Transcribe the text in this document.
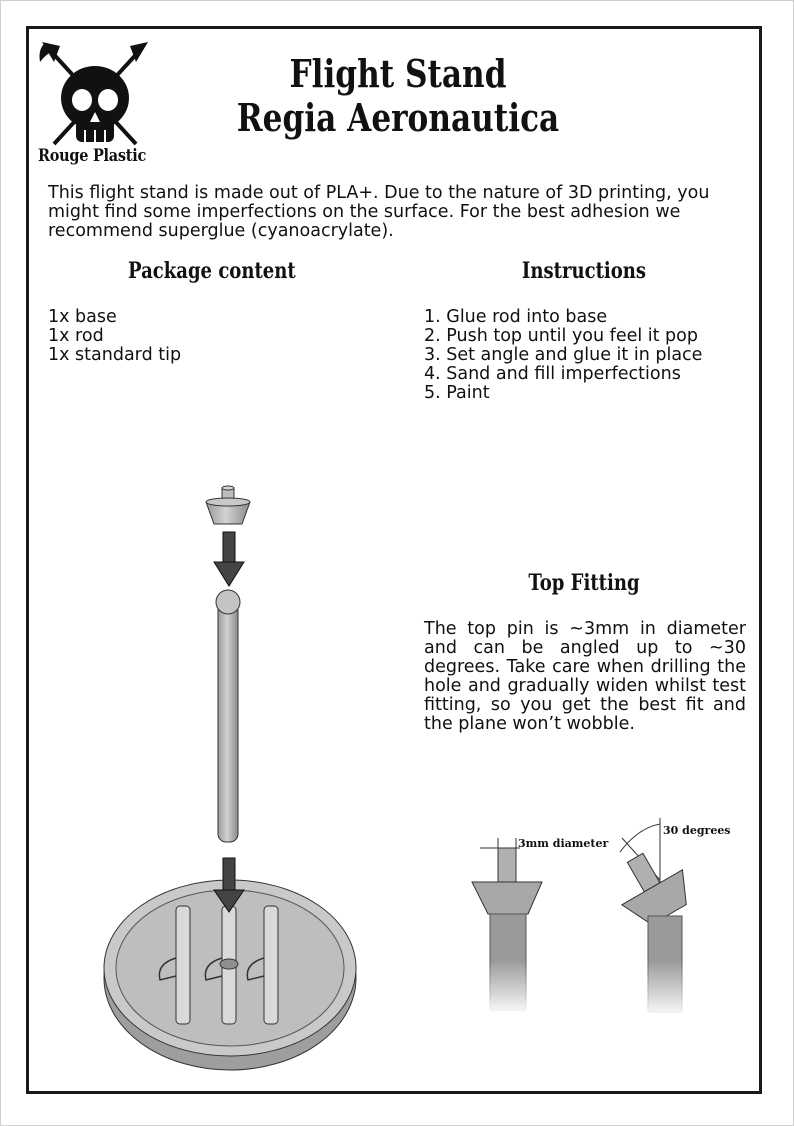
Rouge Plastic
Flight Stand
Regia Aeronautica
This flight stand is made out of PLA+. Due to the nature of 3D printing, you might find some imperfections on the surface. For the best adhesion we recommend superglue (cyanoacrylate).
Package content
1x base
1x rod
1x standard tip
Instructions
1. Glue rod into base
2. Push top until you feel it pop
3. Set angle and glue it in place
4. Sand and fill imperfections
5. Paint
Top Fitting
The top pin is ~3mm in diameter and can be angled up to ~30 degrees. Take care when drilling the hole and gradually widen whilst test fitting, so you get the best fit and the plane won’t wobble.
3mm diameter
30 degrees
